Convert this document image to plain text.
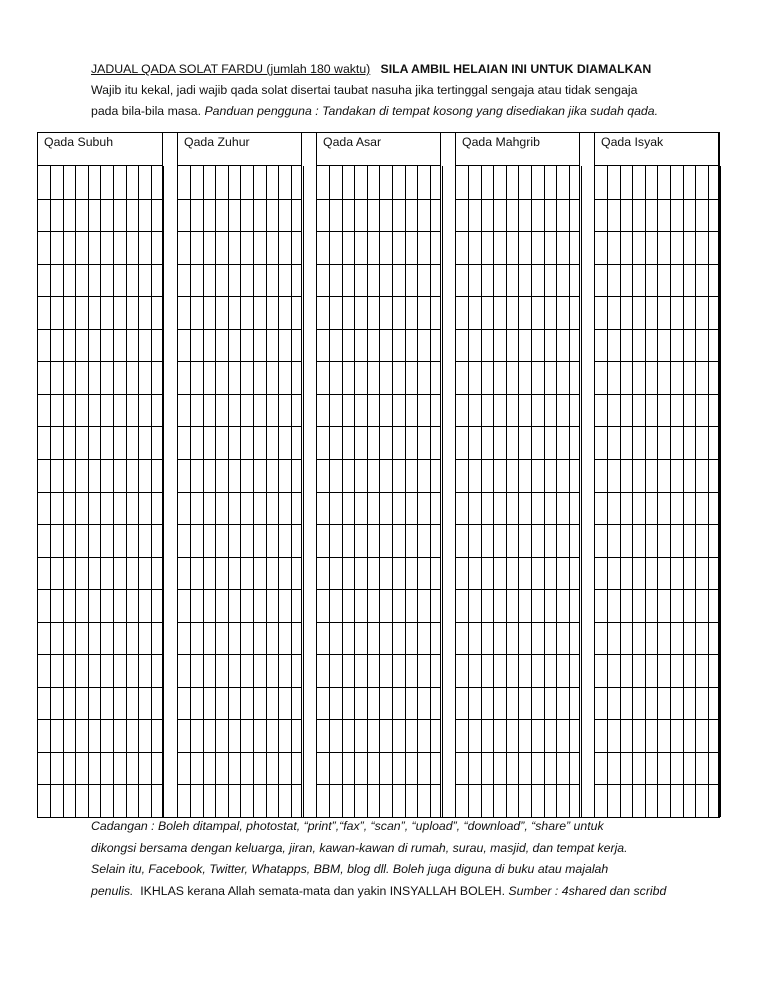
JADUAL QADA SOLAT FARDU (jumlah 180 waktu) SILA AMBIL HELAIAN INI UNTUK DIAMALKAN
Wajib itu kekal, jadi wajib qada solat disertai taubat nasuha jika tertinggal sengaja atau tidak sengaja
pada bila-bila masa. Panduan pengguna : Tandakan di tempat kosong yang disediakan jika sudah qada.
Qada Subuh	Qada Zuhur	Qada Asar	Qada Mahgrib	Qada Isyak
Cadangan : Boleh ditampal, photostat, “print”,“fax”, “scan”, “upload”, “download”, “share” untuk
dikongsi bersama dengan keluarga, jiran, kawan-kawan di rumah, surau, masjid, dan tempat kerja.
Selain itu, Facebook, Twitter, Whatapps, BBM, blog dll. Boleh juga diguna di buku atau majalah
penulis. IKHLAS kerana Allah semata-mata dan yakin INSYALLAH BOLEH. Sumber : 4shared dan scribd
